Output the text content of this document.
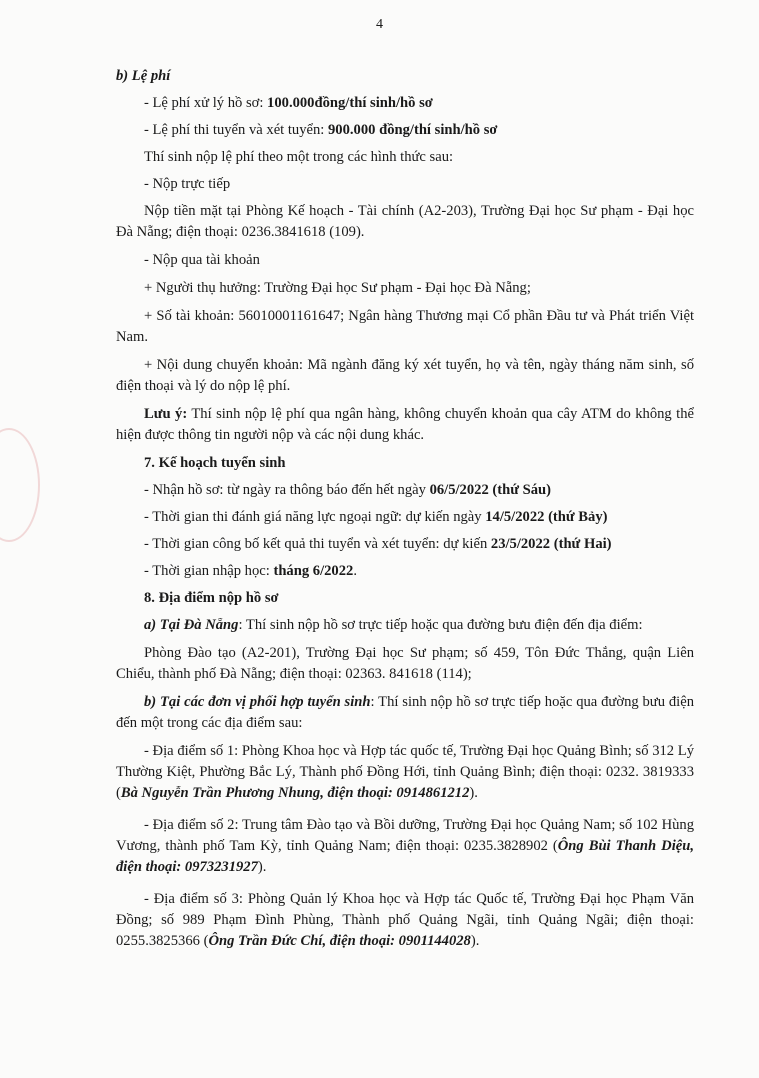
4

b) Lệ phí

- Lệ phí xử lý hồ sơ: 100.000đồng/thí sinh/hồ sơ

- Lệ phí thi tuyển và xét tuyển: 900.000 đồng/thí sinh/hồ sơ

Thí sinh nộp lệ phí theo một trong các hình thức sau:

- Nộp trực tiếp

Nộp tiền mặt tại Phòng Kế hoạch - Tài chính (A2-203), Trường Đại học Sư phạm - Đại học Đà Nẵng; điện thoại: 0236.3841618 (109).

- Nộp qua tài khoản

+ Người thụ hưởng: Trường Đại học Sư phạm - Đại học Đà Nẵng;

+ Số tài khoản: 56010001161647; Ngân hàng Thương mại Cổ phần Đầu tư và Phát triển Việt Nam.

+ Nội dung chuyển khoản: Mã ngành đăng ký xét tuyển, họ và tên, ngày tháng năm sinh, số điện thoại và lý do nộp lệ phí.

Lưu ý: Thí sinh nộp lệ phí qua ngân hàng, không chuyển khoản qua cây ATM do không thể hiện được thông tin người nộp và các nội dung khác.

7. Kế hoạch tuyển sinh

- Nhận hồ sơ: từ ngày ra thông báo đến hết ngày 06/5/2022 (thứ Sáu)

- Thời gian thi đánh giá năng lực ngoại ngữ: dự kiến ngày 14/5/2022 (thứ Bảy)

- Thời gian công bố kết quả thi tuyển và xét tuyển: dự kiến 23/5/2022 (thứ Hai)

- Thời gian nhập học: tháng 6/2022.

8. Địa điểm nộp hồ sơ

a) Tại Đà Nẵng: Thí sinh nộp hồ sơ trực tiếp hoặc qua đường bưu điện đến địa điểm:

Phòng Đào tạo (A2-201), Trường Đại học Sư phạm; số 459, Tôn Đức Thắng, quận Liên Chiểu, thành phố Đà Nẵng; điện thoại: 02363. 841618 (114);

b) Tại các đơn vị phối hợp tuyển sinh: Thí sinh nộp hồ sơ trực tiếp hoặc qua đường bưu điện đến một trong các địa điểm sau:

- Địa điểm số 1: Phòng Khoa học và Hợp tác quốc tế, Trường Đại học Quảng Bình; số 312 Lý Thường Kiệt, Phường Bắc Lý, Thành phố Đồng Hới, tỉnh Quảng Bình; điện thoại: 0232. 3819333 (Bà Nguyễn Trần Phương Nhung, điện thoại: 0914861212).

- Địa điểm số 2: Trung tâm Đào tạo và Bồi dưỡng, Trường Đại học Quảng Nam; số 102 Hùng Vương, thành phố Tam Kỳ, tỉnh Quảng Nam; điện thoại: 0235.3828902 (Ông Bùi Thanh Diệu, điện thoại: 0973231927).

- Địa điểm số 3: Phòng Quản lý Khoa học và Hợp tác Quốc tế, Trường Đại học Phạm Văn Đồng; số 989 Phạm Đình Phùng, Thành phố Quảng Ngãi, tỉnh Quảng Ngãi; điện thoại: 0255.3825366 (Ông Trần Đức Chí, điện thoại: 0901144028).
